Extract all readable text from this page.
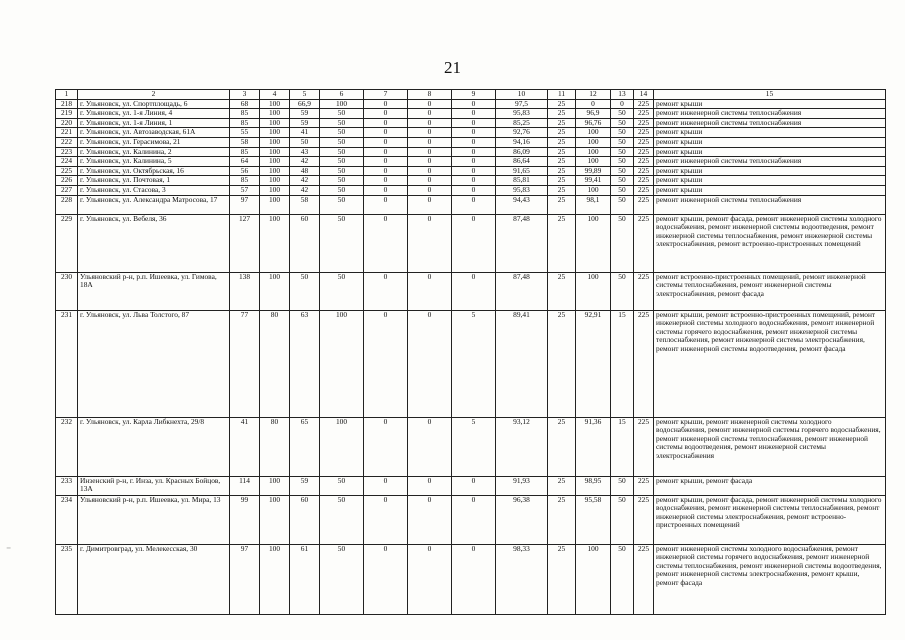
21
1	2	3	4	5	6	7	8	9	10	11	12	13	14	15
218	г. Ульяновск, ул. Спортплощадь, 6	68	100	66,9	100	0	0	0	97,5	25	0	0	225	ремонт крыши
219	г. Ульяновск, ул. 1-я Линия, 4	85	100	59	50	0	0	0	95,83	25	96,9	50	225	ремонт инженерной системы теплоснабжения
220	г. Ульяновск, ул. 1-я Линия, 1	85	100	59	50	0	0	0	85,25	25	96,76	50	225	ремонт инженерной системы теплоснабжения
221	г. Ульяновск, ул. Автозаводская, 61А	55	100	41	50	0	0	0	92,76	25	100	50	225	ремонт крыши
222	г. Ульяновск, ул. Герасимова, 21	58	100	50	50	0	0	0	94,16	25	100	50	225	ремонт крыши
223	г. Ульяновск, ул. Калинина, 2	85	100	43	50	0	0	0	86,09	25	100	50	225	ремонт крыши
224	г. Ульяновск, ул. Калинина, 5	64	100	42	50	0	0	0	86,64	25	100	50	225	ремонт инженерной системы теплоснабжения
225	г. Ульяновск, ул. Октябрьская, 16	56	100	48	50	0	0	0	91,65	25	99,89	50	225	ремонт крыши
226	г. Ульяновск, ул. Почтовая, 1	85	100	42	50	0	0	0	85,81	25	99,41	50	225	ремонт крыши
227	г. Ульяновск, ул. Стасова, 3	57	100	42	50	0	0	0	95,83	25	100	50	225	ремонт крыши
228	г. Ульяновск, ул. Александра Матросова, 17	97	100	58	50	0	0	0	94,43	25	98,1	50	225	ремонт инженерной системы теплоснабжения
229	г. Ульяновск, ул. Вебеля, 36	127	100	60	50	0	0	0	87,48	25	100	50	225	ремонт крыши, ремонт фасада, ремонт инженерной системы холодного водоснабжения, ремонт инженерной системы водоотведения, ремонт инженерной системы теплоснабжения, ремонт инженерной системы электроснабжения, ремонт встроенно-пристроенных помещений
230	Ульяновский р-н, р.п. Ишеевка, ул. Гимова, 18А	138	100	50	50	0	0	0	87,48	25	100	50	225	ремонт встроенно-пристроенных помещений, ремонт инженерной системы теплоснабжения, ремонт инженерной системы электроснабжения, ремонт фасада
231	г. Ульяновск, ул. Льва Толстого, 87	77	80	63	100	0	0	5	89,41	25	92,91	15	225	ремонт крыши, ремонт встроенно-пристроенных помещений, ремонт инженерной системы холодного водоснабжения, ремонт инженерной системы горячего водоснабжения, ремонт инженерной системы теплоснабжения, ремонт инженерной системы электроснабжения, ремонт инженерной системы водоотведения, ремонт фасада
232	г. Ульяновск, ул. Карла Либкнехта, 29/8	41	80	65	100	0	0	5	93,12	25	91,36	15	225	ремонт крыши, ремонт инженерной системы холодного водоснабжения, ремонт инженерной системы горячего водоснабжения, ремонт инженерной системы теплоснабжения, ремонт инженерной системы водоотведения, ремонт инженерной системы электроснабжения
233	Инзенский р-н, г. Инза, ул. Красных Бойцов, 13А	114	100	59	50	0	0	0	91,93	25	98,95	50	225	ремонт крыши, ремонт фасада
234	Ульяновский р-н, р.п. Ишеевка, ул. Мира, 13	99	100	60	50	0	0	0	96,38	25	95,58	50	225	ремонт крыши, ремонт фасада, ремонт инженерной системы холодного водоснабжения, ремонт инженерной системы теплоснабжения, ремонт инженерной системы электроснабжения, ремонт встроенно-пристроенных помещений
235	г. Димитровград, ул. Мелекесская, 30	97	100	61	50	0	0	0	98,33	25	100	50	225	ремонт инженерной системы холодного водоснабжения, ремонт инженерной системы горячего водоснабжения, ремонт инженерной системы теплоснабжения, ремонт инженерной системы водоотведения, ремонт инженерной системы электроснабжения, ремонт крыши, ремонт фасада
⁻
